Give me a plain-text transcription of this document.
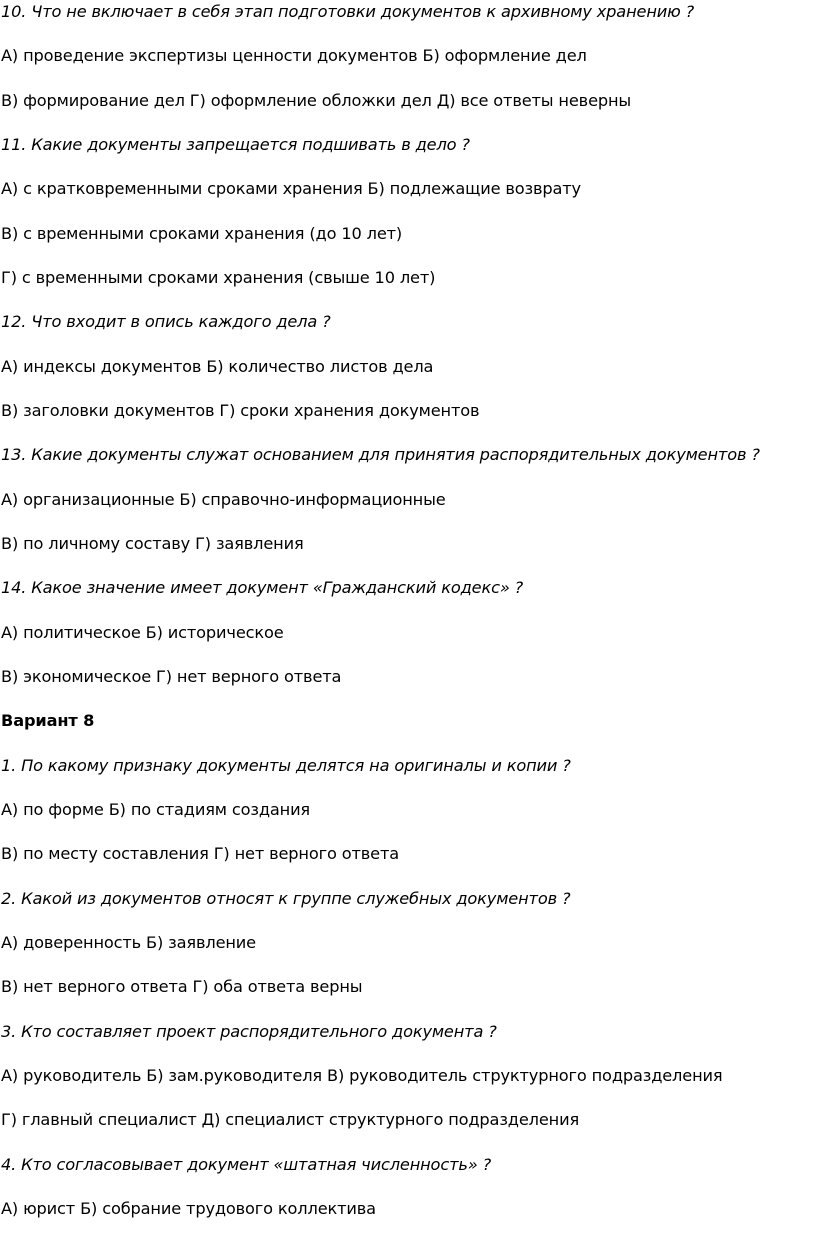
10. Что не включает в себя этап подготовки документов к архивному хранению ?
А) проведение экспертизы ценности документов Б) оформление дел
В) формирование дел Г) оформление обложки дел Д) все ответы неверны
11. Какие документы запрещается подшивать в дело ?
А) с кратковременными сроками хранения Б) подлежащие возврату
В) с временными сроками хранения (до 10 лет)
Г) с временными сроками хранения (свыше 10 лет)
12. Что входит в опись каждого дела ?
А) индексы документов Б) количество листов дела
В) заголовки документов Г) сроки хранения документов
13. Какие документы служат основанием для принятия распорядительных документов ?
А) организационные Б) справочно-информационные
В) по личному составу Г) заявления
14. Какое значение имеет документ «Гражданский кодекс» ?
А) политическое Б) историческое
В) экономическое Г) нет верного ответа
Вариант 8
1. По какому признаку документы делятся на оригиналы и копии ?
А) по форме Б) по стадиям создания
В) по месту составления Г) нет верного ответа
2. Какой из документов относят к группе служебных документов ?
А) доверенность Б) заявление
В) нет верного ответа Г) оба ответа верны
3. Кто составляет проект распорядительного документа ?
А) руководитель Б) зам.руководителя В) руководитель структурного подразделения
Г) главный специалист Д) специалист структурного подразделения
4. Кто согласовывает документ «штатная численность» ?
А) юрист Б) собрание трудового коллектива
